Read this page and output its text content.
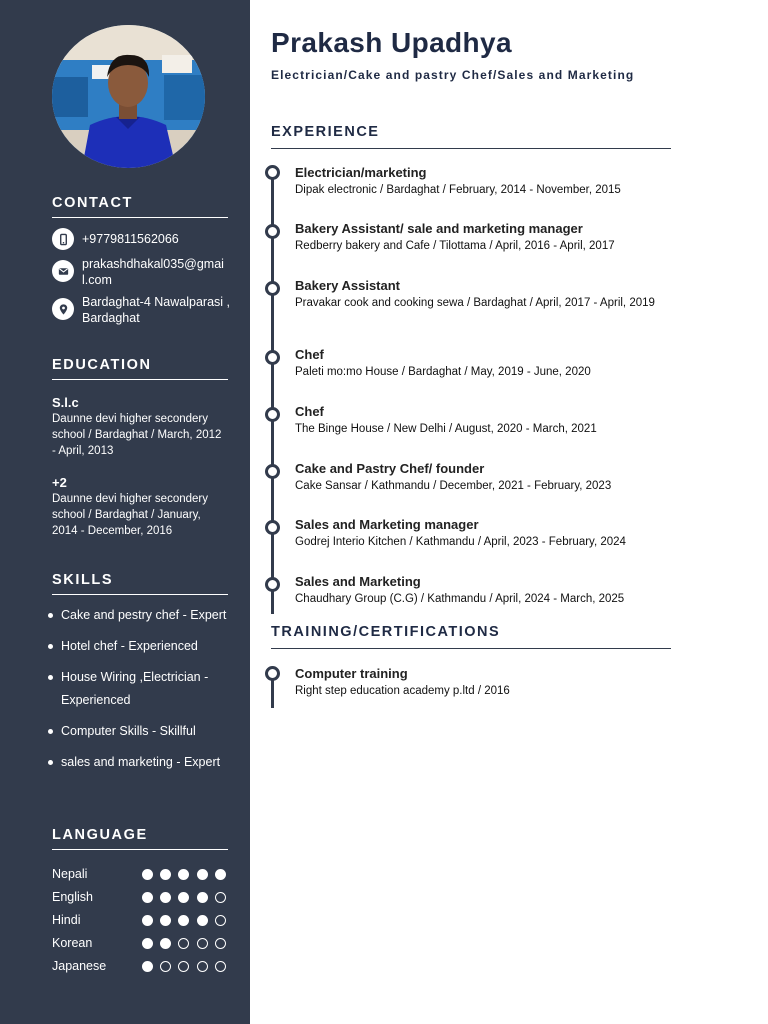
CONTACT
+9779811562066
prakashdhakal035@gmail.com
Bardaghat-4 Nawalparasi , Bardaghat
EDUCATION
S.l.c
Daunne devi higher secondery school / Bardaghat / March, 2012 - April, 2013
+2
Daunne devi higher secondery school / Bardaghat / January, 2014 - December, 2016
SKILLS
Cake and pestry chef - Expert
Hotel chef - Experienced
House Wiring ,Electrician - Experienced
Computer Skills - Skillful
sales and marketing - Expert
LANGUAGE
Nepali
English
Hindi
Korean
Japanese
Prakash Upadhya
Electrician/Cake and pastry Chef/Sales and Marketing
EXPERIENCE
Electrician/marketing
Dipak electronic / Bardaghat / February, 2014 - November, 2015
Bakery Assistant/ sale and marketing manager
Redberry bakery and Cafe / Tilottama / April, 2016 - April, 2017
Bakery Assistant
Pravakar cook and cooking sewa / Bardaghat / April, 2017 - April, 2019
Chef
Paleti mo:mo House / Bardaghat / May, 2019 - June, 2020
Chef
The Binge House / New Delhi / August, 2020 - March, 2021
Cake and Pastry Chef/ founder
Cake Sansar / Kathmandu / December, 2021 - February, 2023
Sales and Marketing manager
Godrej Interio Kitchen / Kathmandu / April, 2023 - February, 2024
Sales and Marketing
Chaudhary Group (C.G) / Kathmandu / April, 2024 - March, 2025
TRAINING/CERTIFICATIONS
Computer training
Right step education academy p.ltd / 2016
